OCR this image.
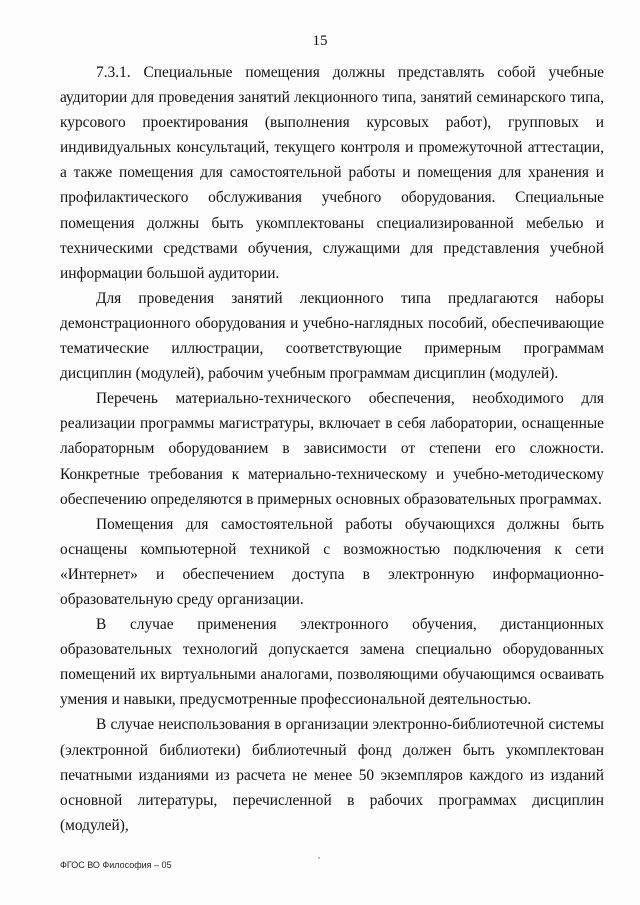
15

7.3.1. Специальные помещения должны представлять собой учебные аудитории для проведения занятий лекционного типа, занятий семинарского типа, курсового проектирования (выполнения курсовых работ), групповых и индивидуальных консультаций, текущего контроля и промежуточной аттестации, а также помещения для самостоятельной работы и помещения для хранения и профилактического обслуживания учебного оборудования. Специальные помещения должны быть укомплектованы специализированной мебелью и техническими средствами обучения, служащими для представления учебной информации большой аудитории.

Для проведения занятий лекционного типа предлагаются наборы демонстрационного оборудования и учебно-наглядных пособий, обеспечивающие тематические иллюстрации, соответствующие примерным программам дисциплин (модулей), рабочим учебным программам дисциплин (модулей).

Перечень материально-технического обеспечения, необходимого для реализации программы магистратуры, включает в себя лаборатории, оснащенные лабораторным оборудованием в зависимости от степени его сложности. Конкретные требования к материально-техническому и учебно-методическому обеспечению определяются в примерных основных образовательных программах.

Помещения для самостоятельной работы обучающихся должны быть оснащены компьютерной техникой с возможностью подключения к сети «Интернет» и обеспечением доступа в электронную информационно-образовательную среду организации.

В случае применения электронного обучения, дистанционных образовательных технологий допускается замена специально оборудованных помещений их виртуальными аналогами, позволяющими обучающимся осваивать умения и навыки, предусмотренные профессиональной деятельностью.

В случае неиспользования в организации электронно-библиотечной системы (электронной библиотеки) библиотечный фонд должен быть укомплектован печатными изданиями из расчета не менее 50 экземпляров каждого из изданий основной литературы, перечисленной в рабочих программах дисциплин (модулей),

ФГОС ВО Философия – 05
